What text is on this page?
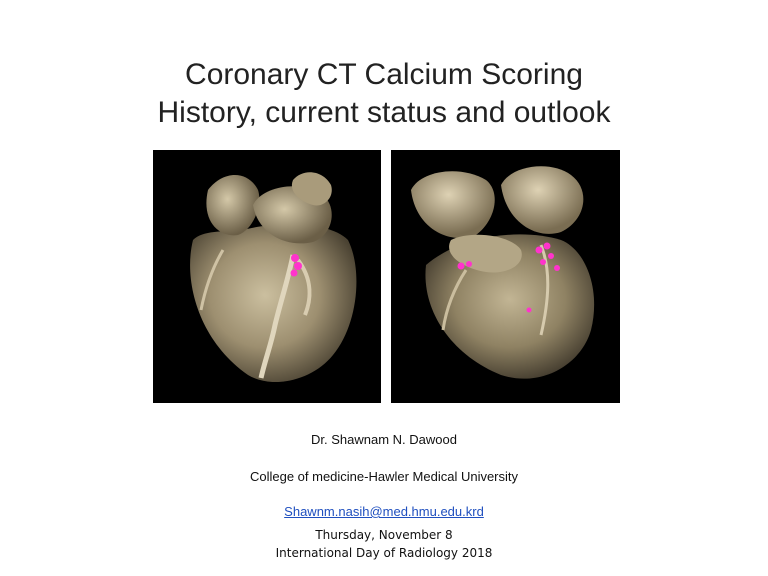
Coronary CT Calcium Scoring
History, current status and outlook
Dr. Shawnam N. Dawood
College of medicine-Hawler Medical University
Shawnm.nasih@med.hmu.edu.krd
Thursday, November 8
International Day of Radiology 2018
